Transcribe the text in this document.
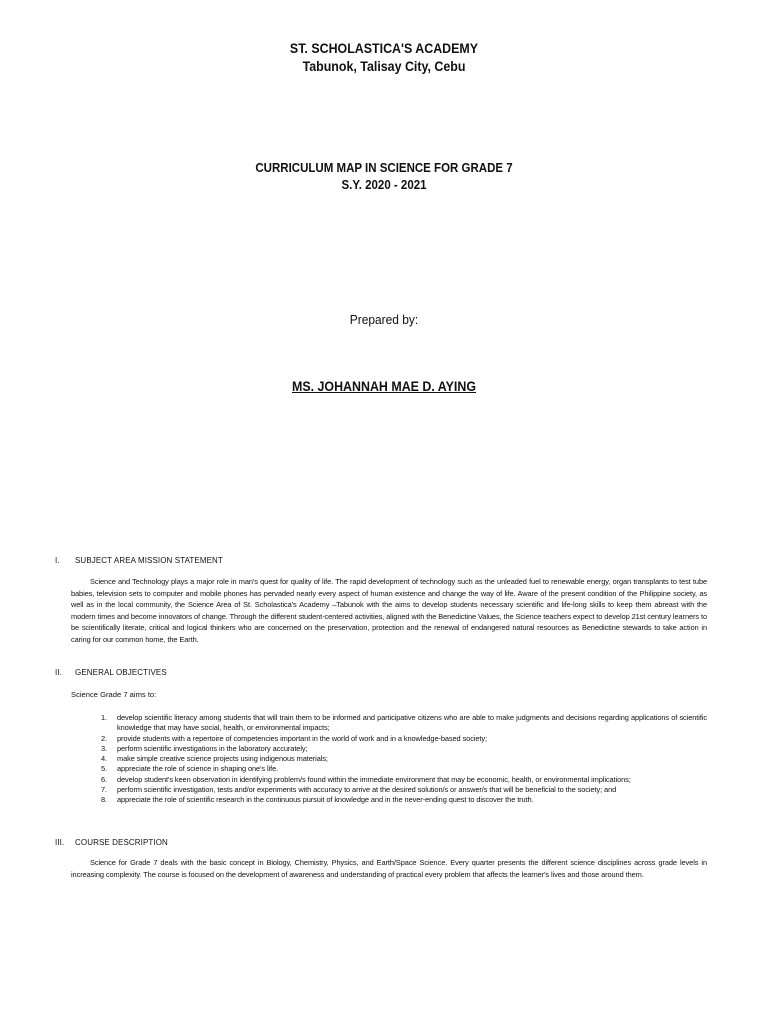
ST. SCHOLASTICA'S ACADEMY
Tabunok, Talisay City, Cebu
CURRICULUM MAP IN SCIENCE FOR GRADE 7
S.Y. 2020 - 2021
Prepared by:
MS. JOHANNAH MAE D. AYING
I.	SUBJECT AREA MISSION STATEMENT
Science and Technology plays a major role in man's quest for quality of life. The rapid development of technology such as the unleaded fuel to renewable energy, organ transplants to test tube babies, television sets to computer and mobile phones has pervaded nearly every aspect of human existence and change the way of life. Aware of the present condition of the Philippine society, as well as in the local community, the Science Area of St. Scholastica's Academy –Tabunok with the aims to develop students necessary scientific and life-long skills to keep them abreast with the modern times and become innovators of change. Through the different student-centered activities, aligned with the Benedictine Values, the Science teachers expect to develop 21st century learners to be scientifically literate, critical and logical thinkers who are concerned on the preservation, protection and the renewal of endangered natural resources as Benedictine stewards to take action in caring for our common home, the Earth.
II.	GENERAL OBJECTIVES
Science Grade 7 aims to:
1.	develop scientific literacy among students that will train them to be informed and participative citizens who are able to make judgments and decisions regarding applications of scientific knowledge that may have social, health, or environmental impacts;
2.	provide students with a repertoire of competencies important in the world of work and in a knowledge-based society;
3.	perform scientific investigations in the laboratory accurately;
4.	make simple creative science projects using indigenous materials;
5.	appreciate the role of science in shaping one's life.
6.	develop student's keen observation in identifying problem/s found within the immediate environment that may be economic, health, or environmental implications;
7.	perform scientific investigation, tests and/or experiments with accuracy to arrive at the desired solution/s or answer/s that will be beneficial to the society; and
8.	appreciate the role of scientific research in the continuous pursuit of knowledge and in the never-ending quest to discover the truth.
III.	COURSE DESCRIPTION
Science for Grade 7 deals with the basic concept in Biology, Chemistry, Physics, and Earth/Space Science. Every quarter presents the different science disciplines across grade levels in increasing complexity. The course is focused on the development of awareness and understanding of practical every problem that affects the learner's lives and those around them.
